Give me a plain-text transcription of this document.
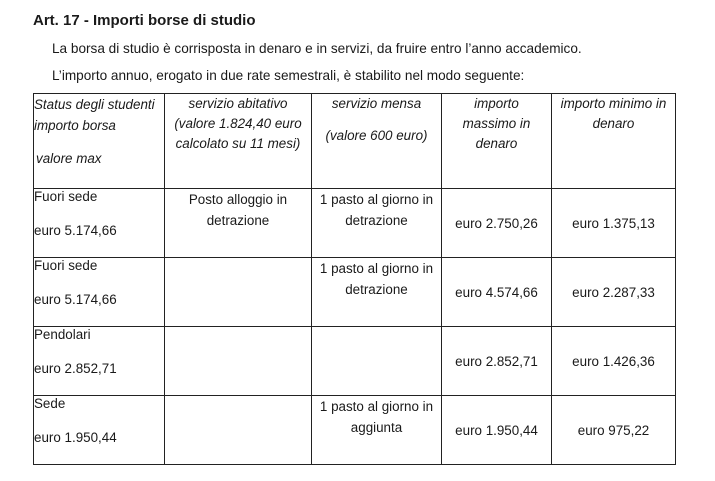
Art. 17 - Importi borse di studio

La borsa di studio è corrisposta in denaro e in servizi, da fruire entro l’anno accademico.

L’importo annuo, erogato in due rate semestrali, è stabilito nel modo seguente:

Status degli studenti
importo borsa
valore max	servizio abitativo
(valore 1.824,40 euro
calcolato su 11 mesi)	servizio mensa
(valore 600 euro)	importo
massimo in
denaro	importo minimo in
denaro
Fuori sede
euro 5.174,66	Posto alloggio in
detrazione	1 pasto al giorno in
detrazione	euro 2.750,26	euro 1.375,13
Fuori sede
euro 5.174,66		1 pasto al giorno in
detrazione	euro 4.574,66	euro 2.287,33
Pendolari
euro 2.852,71			euro 2.852,71	euro 1.426,36
Sede
euro 1.950,44		1 pasto al giorno in
aggiunta	euro 1.950,44	euro 975,22
